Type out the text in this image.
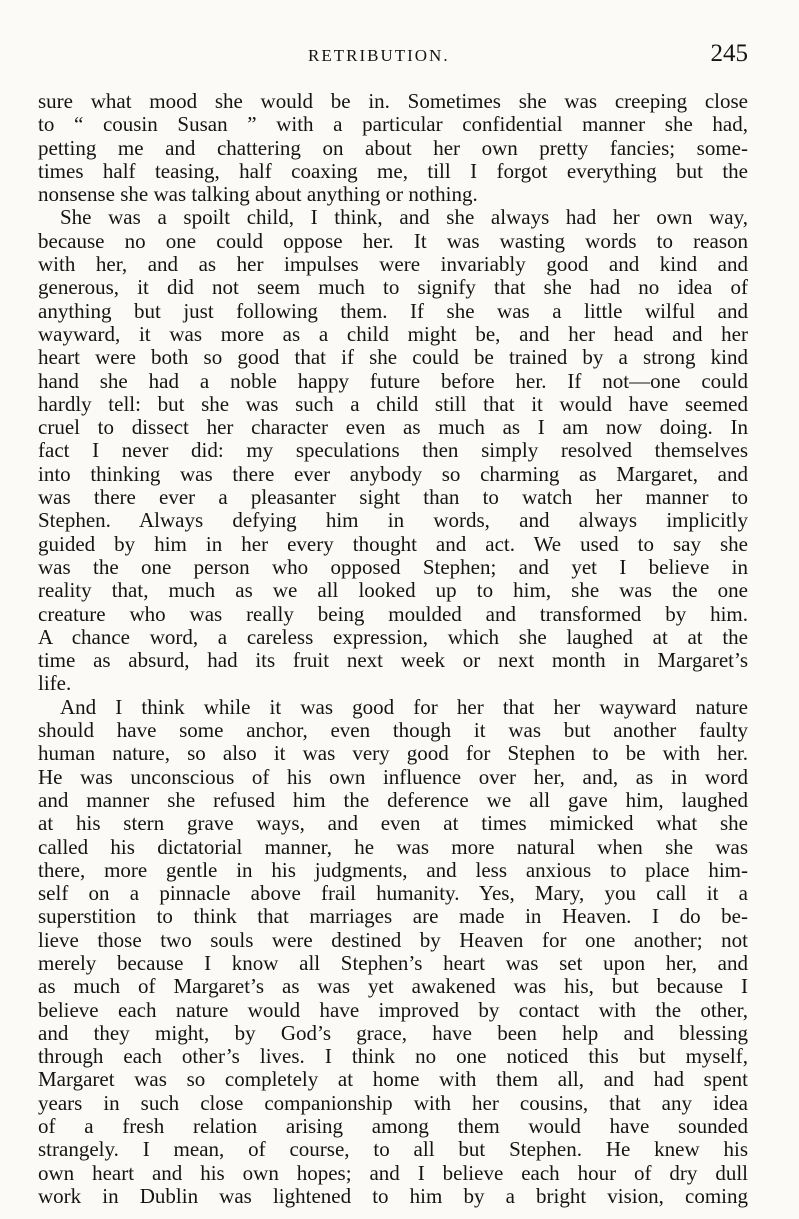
RETRIBUTION.	245
sure what mood she would be in. Sometimes she was creeping close
to “ cousin Susan ” with a particular confidential manner she had,
petting me and chattering on about her own pretty fancies; some-
times half teasing, half coaxing me, till I forgot everything but the
nonsense she was talking about anything or nothing.
She was a spoilt child, I think, and she always had her own way,
because no one could oppose her. It was wasting words to reason
with her, and as her impulses were invariably good and kind and
generous, it did not seem much to signify that she had no idea of
anything but just following them. If she was a little wilful and
wayward, it was more as a child might be, and her head and her
heart were both so good that if she could be trained by a strong kind
hand she had a noble happy future before her. If not—one could
hardly tell: but she was such a child still that it would have seemed
cruel to dissect her character even as much as I am now doing. In
fact I never did: my speculations then simply resolved themselves
into thinking was there ever anybody so charming as Margaret, and
was there ever a pleasanter sight than to watch her manner to
Stephen. Always defying him in words, and always implicitly
guided by him in her every thought and act. We used to say she
was the one person who opposed Stephen; and yet I believe in
reality that, much as we all looked up to him, she was the one
creature who was really being moulded and transformed by him.
A chance word, a careless expression, which she laughed at at the
time as absurd, had its fruit next week or next month in Margaret’s
life.
And I think while it was good for her that her wayward nature
should have some anchor, even though it was but another faulty
human nature, so also it was very good for Stephen to be with her.
He was unconscious of his own influence over her, and, as in word
and manner she refused him the deference we all gave him, laughed
at his stern grave ways, and even at times mimicked what she
called his dictatorial manner, he was more natural when she was
there, more gentle in his judgments, and less anxious to place him-
self on a pinnacle above frail humanity. Yes, Mary, you call it a
superstition to think that marriages are made in Heaven. I do be-
lieve those two souls were destined by Heaven for one another; not
merely because I know all Stephen’s heart was set upon her, and
as much of Margaret’s as was yet awakened was his, but because I
believe each nature would have improved by contact with the other,
and they might, by God’s grace, have been help and blessing
through each other’s lives. I think no one noticed this but myself,
Margaret was so completely at home with them all, and had spent
years in such close companionship with her cousins, that any idea
of a fresh relation arising among them would have sounded
strangely. I mean, of course, to all but Stephen. He knew his
own heart and his own hopes; and I believe each hour of dry dull
work in Dublin was lightened to him by a bright vision, coming
